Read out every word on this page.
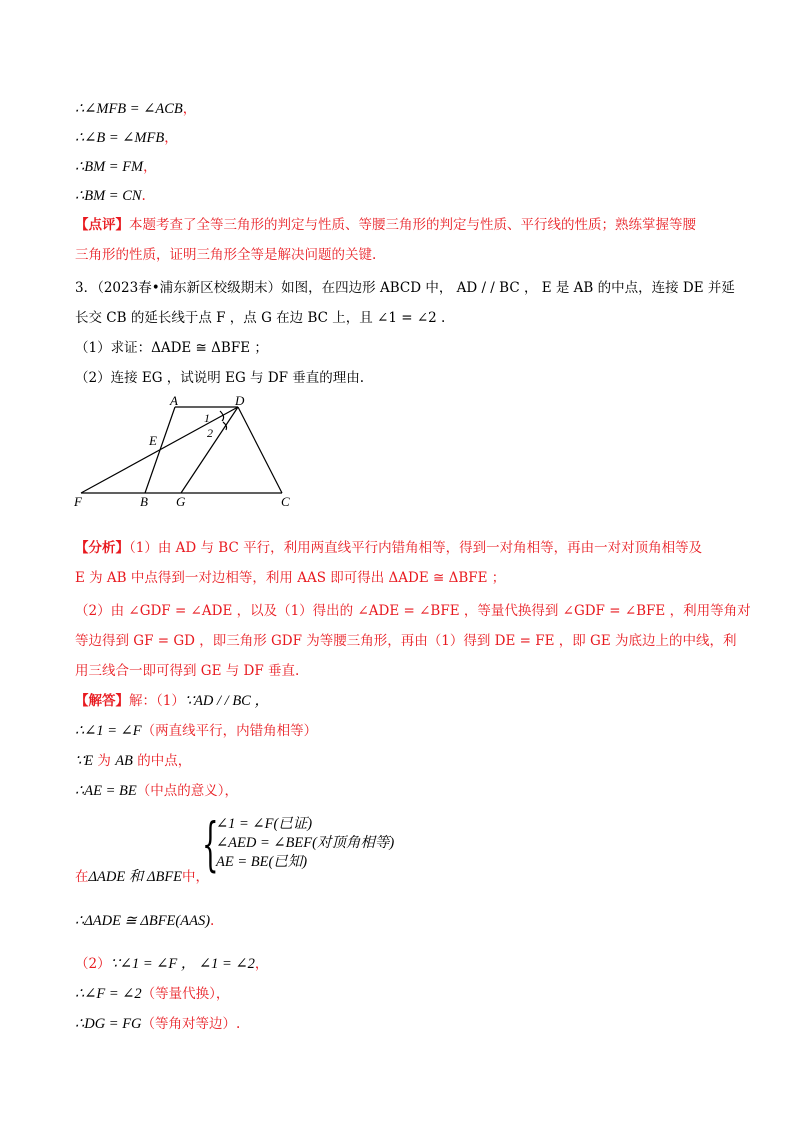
∴∠MFB = ∠ACB，
∴∠B = ∠MFB，
∴BM = FM，
∴BM = CN.
【点评】本题考查了全等三角形的判定与性质、等腰三角形的判定与性质、平行线的性质；熟练掌握等腰
三角形的性质，证明三角形全等是解决问题的关键.
3．（2023春•浦东新区校级期末）如图，在四边形 ABCD 中， AD / / BC ， E 是 AB 的中点，连接 DE 并延
长交 CB 的延长线于点 F ，点 G 在边 BC 上，且 ∠1 = ∠2 .
（1）求证：ΔADE ≅ ΔBFE ；
（2）连接 EG ，试说明 EG 与 DF 垂直的理由.
A	D
E
F	B G	C
1
2
【分析】（1）由 AD 与 BC 平行，利用两直线平行内错角相等，得到一对角相等，再由一对对顶角相等及
E 为 AB 中点得到一对边相等，利用 AAS 即可得出 ΔADE ≅ ΔBFE ；
（2）由 ∠GDF = ∠ADE ，以及（1）得出的 ∠ADE = ∠BFE ，等量代换得到 ∠GDF = ∠BFE ，利用等角对
等边得到 GF = GD ，即三角形 GDF 为等腰三角形，再由（1）得到 DE = FE ，即 GE 为底边上的中线，利
用三线合一即可得到 GE 与 DF 垂直.
【解答】解：（1）∵AD / / BC ，
∴∠1 = ∠F（两直线平行，内错角相等）
∵E 为 AB 的中点，
∴AE = BE（中点的意义），
{
∠1 = ∠F(已证)
∠AED = ∠BEF(对顶角相等)
AE = BE(已知)
在ΔADE 和 ΔBFE中，
∴ΔADE ≅ ΔBFE(AAS).
（2）∵∠1 = ∠F ， ∠1 = ∠2，
∴∠F = ∠2（等量代换），
∴DG = FG（等角对等边）.
